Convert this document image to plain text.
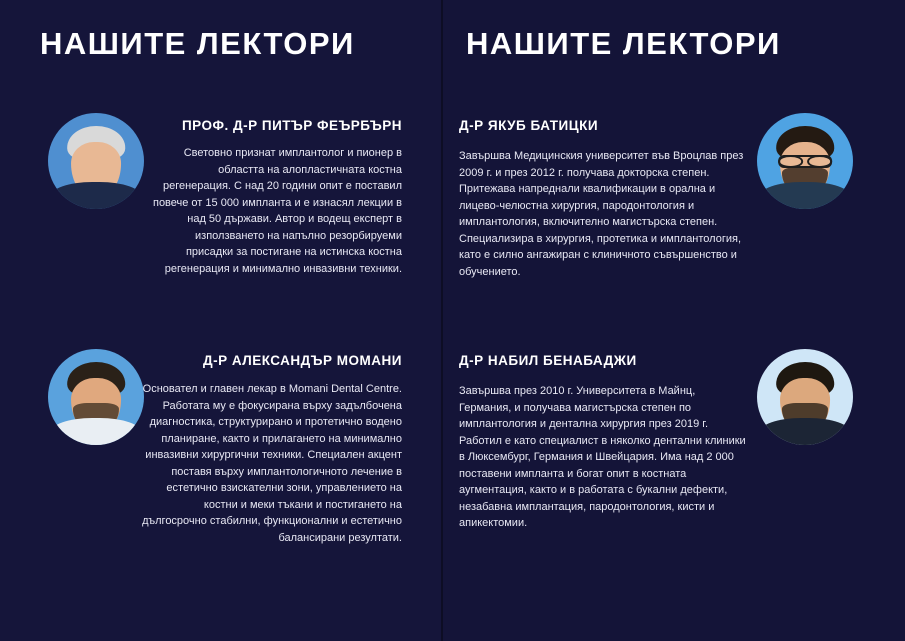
НАШИТЕ ЛЕКТОРИ
ПРОФ. Д-Р ПИТЪР ФЕЪРБЪРН
Световно признат имплантолог и пионер в областта на алопластичната костна регенерация. С над 20 години опит е поставил повече от 15 000 импланта и е изнасял лекции в над 50 държави. Автор и водещ експерт в използването на напълно резорбируеми присадки за постигане на истинска костна регенерация и минимално инвазивни техники.
Д-Р АЛЕКСАНДЪР МОМАНИ
Основател и главен лекар в Momani Dental Centre. Работата му е фокусирана върху задълбочена диагностика, структурирано и протетично водено планиране, както и прилагането на минимално инвазивни хирургични техники. Специален акцент поставя върху имплантологичното лечение в естетично взискателни зони, управлението на костни и меки тъкани и постигането на дългосрочно стабилни, функционални и естетично балансирани резултати.
НАШИТЕ ЛЕКТОРИ
Д-Р ЯКУБ БАТИЦКИ
Завършва Медицинския университет във Вроцлав през 2009 г. и през 2012 г. получава докторска степен. Притежава напреднали квалификации в орална и лицево-челюстна хирургия, пародонтология и имплантология, включително магистърска степен. Специализира в хирургия, протетика и имплантология, като е силно ангажиран с клиничното съвършенство и обучението.
Д-Р НАБИЛ БЕНАБАДЖИ
Завършва през 2010 г. Университета в Майнц, Германия, и получава магистърска степен по имплантология и дентална хирургия през 2019 г. Работил е като специалист в няколко дентални клиники в Люксембург, Германия и Швейцария. Има над 2 000 поставени импланта и богат опит в костната аугментация, както и в работата с букални дефекти, незабавна имплантация, пародонтология, кисти и апикектомии.
